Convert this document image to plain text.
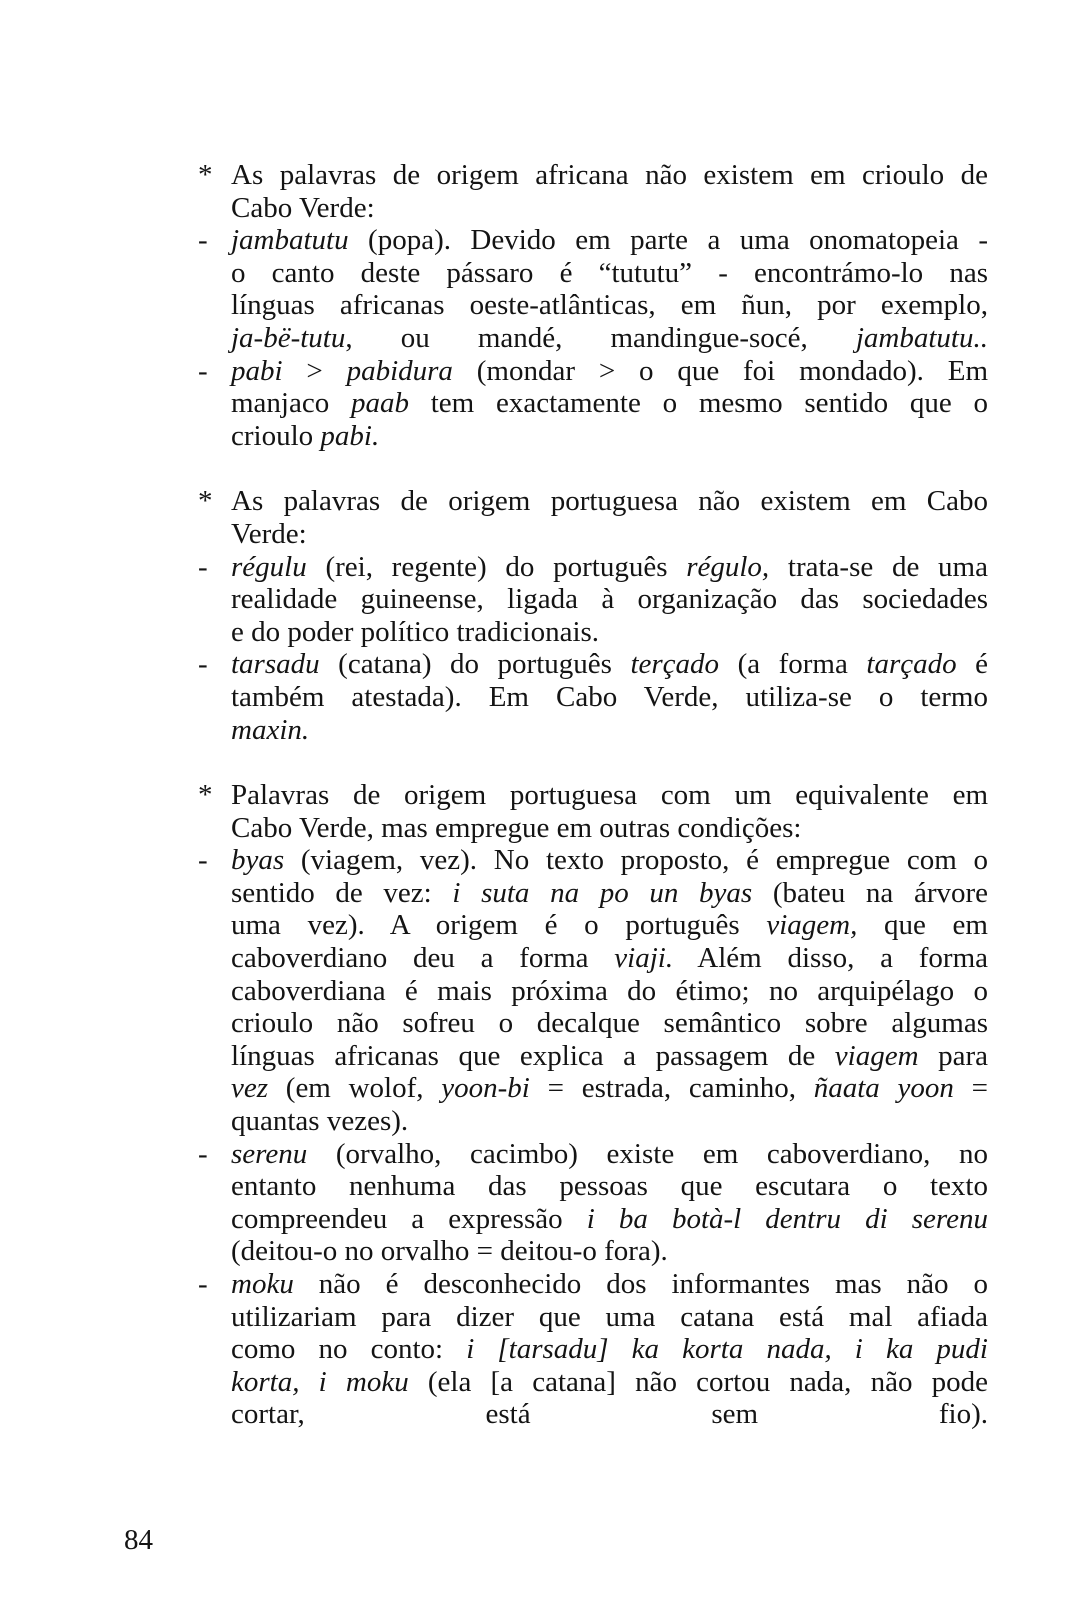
*As palavras de origem africana não existem em crioulo de
Cabo Verde:
-jambatutu (popa). Devido em parte a uma onomatopeia -
o canto deste pássaro é “tututu” - encontrámo-lo nas
línguas africanas oeste-atlânticas, em ñun, por exemplo,
ja-bë-tutu, ou mandé, mandingue-socé, jambatutu..
-pabi > pabidura (mondar > o que foi mondado). Em
manjaco paab tem exactamente o mesmo sentido que o
crioulo pabi.
*As palavras de origem portuguesa não existem em Cabo
Verde:
-régulu (rei, regente) do português régulo, trata-se de uma
realidade guineense, ligada à organização das sociedades
e do poder político tradicionais.
-tarsadu (catana) do português terçado (a forma tarçado é
também atestada). Em Cabo Verde, utiliza-se o termo
maxin.
*Palavras de origem portuguesa com um equivalente em
Cabo Verde, mas empregue em outras condições:
-byas (viagem, vez). No texto proposto, é empregue com o
sentido de vez: i suta na po un byas (bateu na árvore
uma vez). A origem é o português viagem, que em
caboverdiano deu a forma viaji. Além disso, a forma
caboverdiana é mais próxima do étimo; no arquipélago o
crioulo não sofreu o decalque semântico sobre algumas
línguas africanas que explica a passagem de viagem para
vez (em wolof, yoon-bi = estrada, caminho, ñaata yoon =
quantas vezes).
-serenu (orvalho, cacimbo) existe em caboverdiano, no
entanto nenhuma das pessoas que escutara o texto
compreendeu a expressão i ba botà-l dentru di serenu
(deitou-o no orvalho = deitou-o fora).
-moku não é desconhecido dos informantes mas não o
utilizariam para dizer que uma catana está mal afiada
como no conto: i [tarsadu] ka korta nada, i ka pudi
korta, i moku (ela [a catana] não cortou nada, não pode
cortar, está sem fio).
84
